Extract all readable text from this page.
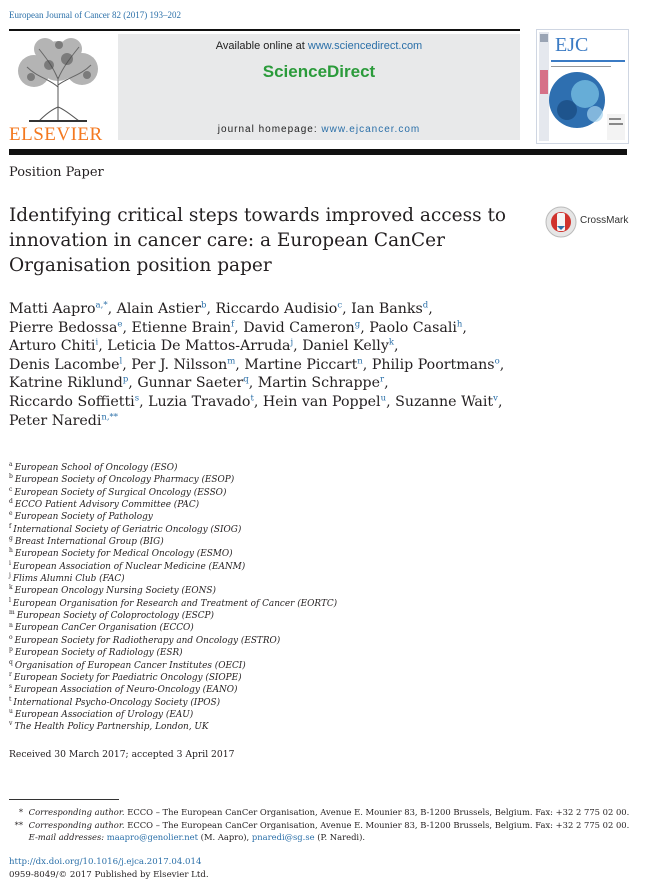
European Journal of Cancer 82 (2017) 193–202
ELSEVIER
Available online at www.sciencedirect.com
ScienceDirect
journal homepage: www.ejcancer.com
EJC
Position Paper
Identifying critical steps towards improved access to innovation in cancer care: a European CanCer Organisation position paper
CrossMark
Matti Aapro$^{a,*}$, Alain Astier$^b$, Riccardo Audisio$^c$, Ian Banks$^d$,
Pierre Bedossa$^e$, Etienne Brain$^f$, David Cameron$^g$, Paolo Casali$^h$,
Arturo Chiti$^i$, Leticia De Mattos-Arruda$^j$, Daniel Kelly$^k$,
Denis Lacombe$^l$, Per J. Nilsson$^m$, Martine Piccart$^n$, Philip Poortmans$^o$,
Katrine Riklund$^p$, Gunnar Saeter$^q$, Martin Schrappe$^r$,
Riccardo Soffietti$^s$, Luzia Travado$^t$, Hein van Poppel$^u$, Suzanne Wait$^v$,
Peter Naredi$^{n,**}$
$^a$ European School of Oncology (ESO)
$^b$ European Society of Oncology Pharmacy (ESOP)
$^c$ European Society of Surgical Oncology (ESSO)
$^d$ ECCO Patient Advisory Committee (PAC)
$^e$ European Society of Pathology
$^f$ International Society of Geriatric Oncology (SIOG)
$^g$ Breast International Group (BIG)
$^h$ European Society for Medical Oncology (ESMO)
$^i$ European Association of Nuclear Medicine (EANM)
$^j$ Flims Alumni Club (FAC)
$^k$ European Oncology Nursing Society (EONS)
$^l$ European Organisation for Research and Treatment of Cancer (EORTC)
$^m$ European Society of Coloproctology (ESCP)
$^n$ European CanCer Organisation (ECCO)
$^o$ European Society for Radiotherapy and Oncology (ESTRO)
$^p$ European Society of Radiology (ESR)
$^q$ Organisation of European Cancer Institutes (OECI)
$^r$ European Society for Paediatric Oncology (SIOPE)
$^s$ European Association of Neuro-Oncology (EANO)
$^t$ International Psycho-Oncology Society (IPOS)
$^u$ European Association of Urology (EAU)
$^v$ The Health Policy Partnership, London, UK
Received 30 March 2017; accepted 3 April 2017
* Corresponding author. ECCO – The European CanCer Organisation, Avenue E. Mounier 83, B-1200 Brussels, Belgium. Fax: +32 2 775 02 00.
** Corresponding author. ECCO – The European CanCer Organisation, Avenue E. Mounier 83, B-1200 Brussels, Belgium. Fax: +32 2 775 02 00.
E-mail addresses: maapro@genolier.net (M. Aapro), pnaredi@sg.se (P. Naredi).
http://dx.doi.org/10.1016/j.ejca.2017.04.014
0959-8049/© 2017 Published by Elsevier Ltd.
